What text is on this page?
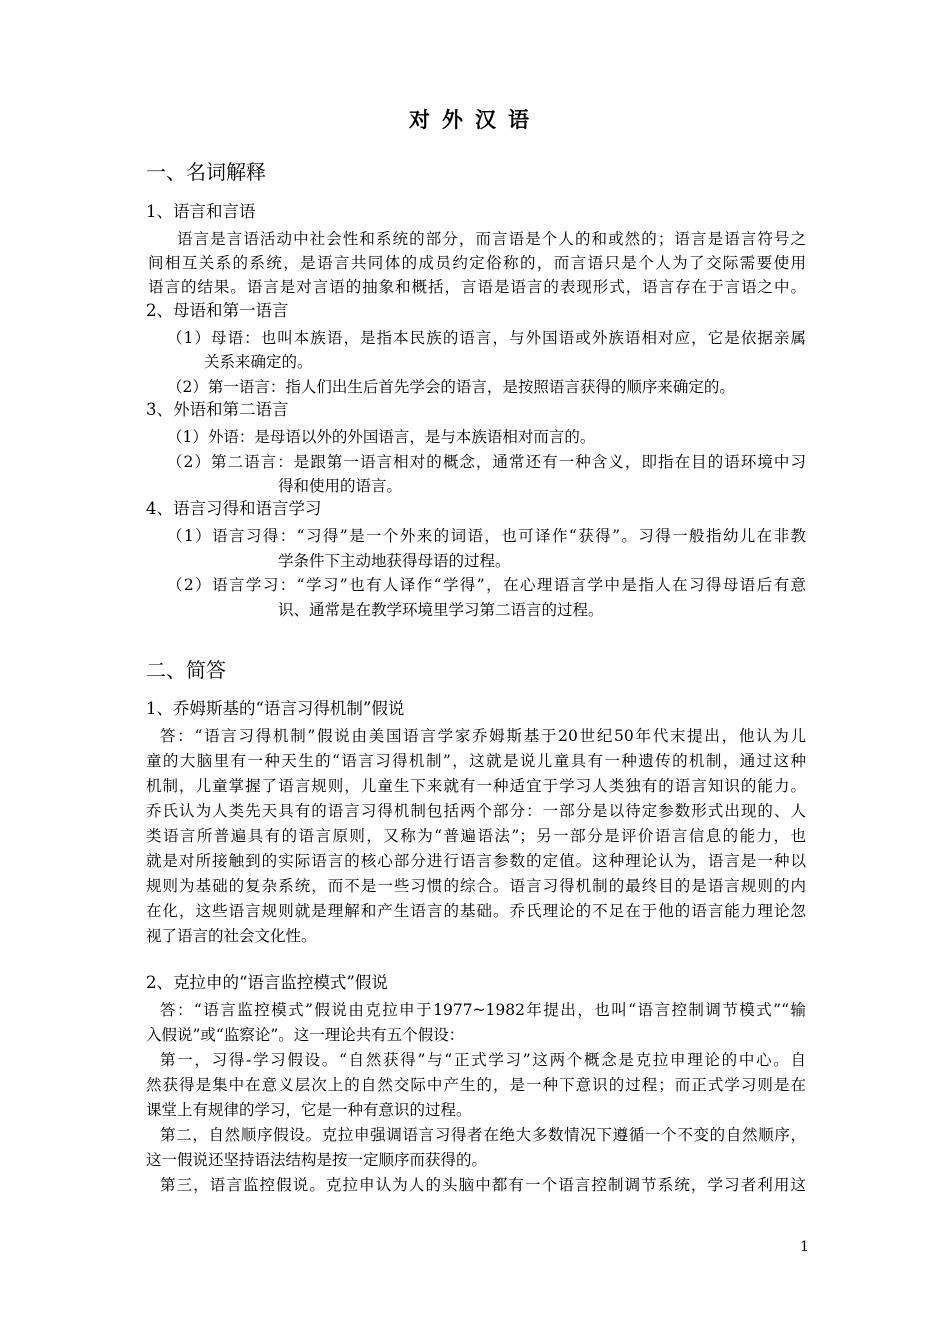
对外汉语
一、名词解释
1、语言和言语
语言是言语活动中社会性和系统的部分，而言语是个人的和或然的；语言是语言符号之
间相互关系的系统，是语言共同体的成员约定俗称的，而言语只是个人为了交际需要使用
语言的结果。语言是对言语的抽象和概括，言语是语言的表现形式，语言存在于言语之中。
2、母语和第一语言
（1）母语：也叫本族语，是指本民族的语言，与外国语或外族语相对应，它是依据亲属
关系来确定的。
（2）第一语言：指人们出生后首先学会的语言，是按照语言获得的顺序来确定的。
3、外语和第二语言
（1）外语：是母语以外的外国语言，是与本族语相对而言的。
（2）第二语言：是跟第一语言相对的概念，通常还有一种含义，即指在目的语环境中习
得和使用的语言。
4、语言习得和语言学习
（1）语言习得：“习得”是一个外来的词语，也可译作“获得”。习得一般指幼儿在非教
学条件下主动地获得母语的过程。
（2）语言学习：“学习”也有人译作“学得”，在心理语言学中是指人在习得母语后有意
识、通常是在教学环境里学习第二语言的过程。
二、简答
1、乔姆斯基的“语言习得机制”假说
答：“语言习得机制”假说由美国语言学家乔姆斯基于20世纪50年代末提出，他认为儿
童的大脑里有一种天生的“语言习得机制”，这就是说儿童具有一种遗传的机制，通过这种
机制，儿童掌握了语言规则，儿童生下来就有一种适宜于学习人类独有的语言知识的能力。
乔氏认为人类先天具有的语言习得机制包括两个部分：一部分是以待定参数形式出现的、人
类语言所普遍具有的语言原则，又称为“普遍语法”；另一部分是评价语言信息的能力，也
就是对所接触到的实际语言的核心部分进行语言参数的定值。这种理论认为，语言是一种以
规则为基础的复杂系统，而不是一些习惯的综合。语言习得机制的最终目的是语言规则的内
在化，这些语言规则就是理解和产生语言的基础。乔氏理论的不足在于他的语言能力理论忽
视了语言的社会文化性。
2、克拉申的“语言监控模式”假说
答：“语言监控模式”假说由克拉申于1977~1982年提出，也叫“语言控制调节模式”“输
入假说”或“监察论”。这一理论共有五个假设：
第一，习得-学习假设。“自然获得”与“正式学习”这两个概念是克拉申理论的中心。自
然获得是集中在意义层次上的自然交际中产生的，是一种下意识的过程；而正式学习则是在
课堂上有规律的学习，它是一种有意识的过程。
第二，自然顺序假设。克拉申强调语言习得者在绝大多数情况下遵循一个不变的自然顺序，
这一假说还坚持语法结构是按一定顺序而获得的。
第三，语言监控假说。克拉申认为人的头脑中都有一个语言控制调节系统，学习者利用这
1
